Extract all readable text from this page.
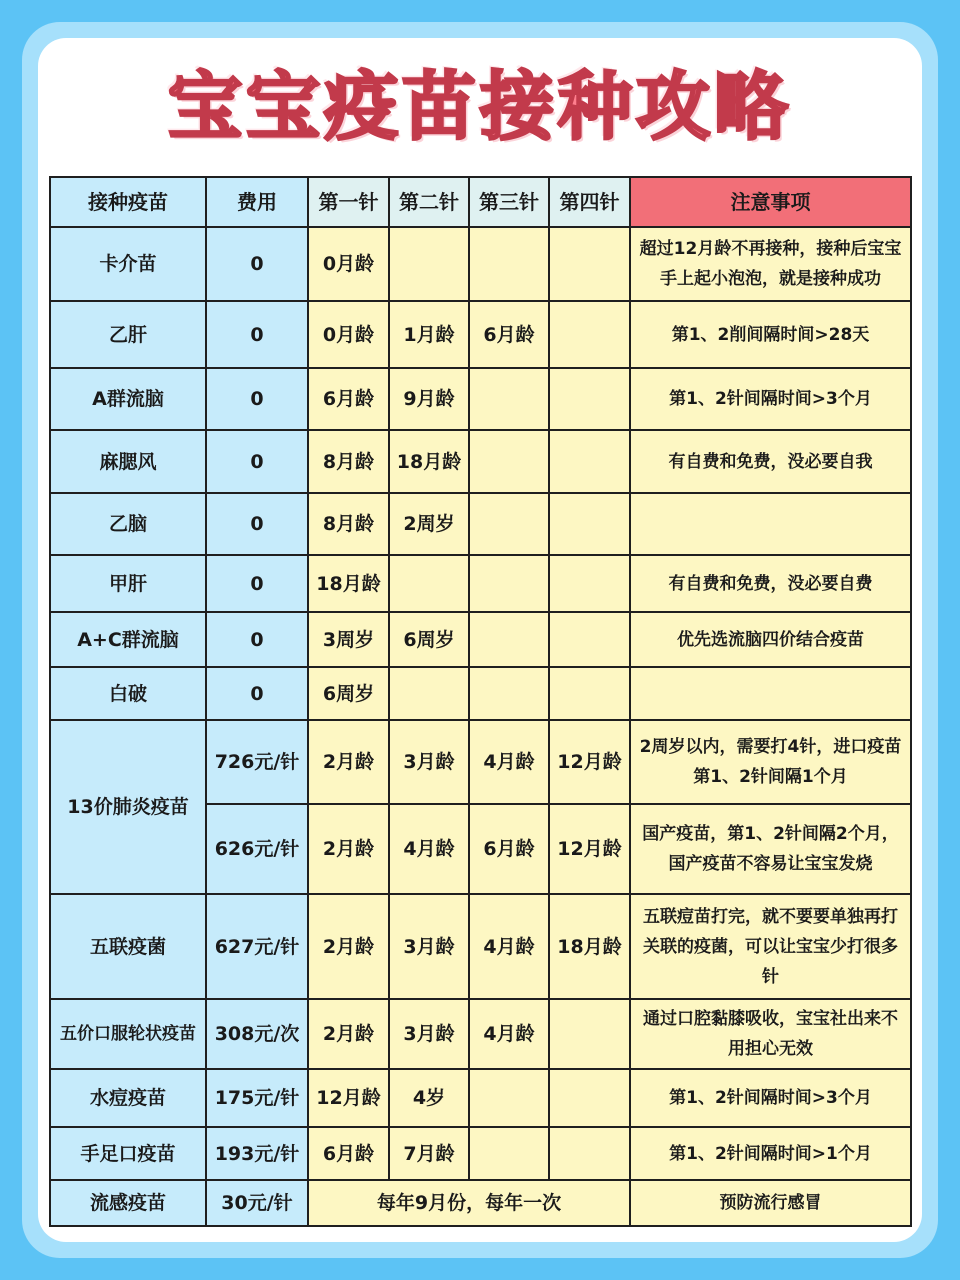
宝宝疫苗接种攻略
接种疫苗	费用	第一针	第二针	第三针	第四针	注意事项
卡介苗	0	0月龄				超过12月龄不再接种，接种后宝宝手上起小泡泡，就是接种成功
乙肝	0	0月龄	1月龄	6月龄		第1、2削间隔时间>28天
A群流脑	0	6月龄	9月龄			第1、2针间隔时间>3个月
麻腮风	0	8月龄	18月龄			有自费和免费，没必要自我
乙脑	0	8月龄	2周岁			
甲肝	0	18月龄				有自费和免费，没必要自费
A+C群流脑	0	3周岁	6周岁			优先选流脑四价结合疫苗
白破	0	6周岁				
13价肺炎疫苗	726元/针	2月龄	3月龄	4月龄	12月龄	2周岁以内，需要打4针，进口疫苗第1、2针间隔1个月
	626元/针	2月龄	4月龄	6月龄	12月龄	国产疫苗，第1、2针间隔2个月，国产疫苗不容易让宝宝发烧
五联疫菌	627元/针	2月龄	3月龄	4月龄	18月龄	五联痘苗打完，就不要要单独再打关联的疫菌，可以让宝宝少打很多针
五价口服轮状疫苗	308元/次	2月龄	3月龄	4月龄		通过口腔黏膝吸收，宝宝社出来不用担心无效
水痘疫苗	175元/针	12月龄	4岁			第1、2针间隔时间>3个月
手足口疫苗	193元/针	6月龄	7月龄			第1、2针间隔时间>1个月
流感疫苗	30元/针	每年9月份，每年一次				预防流行感冒
